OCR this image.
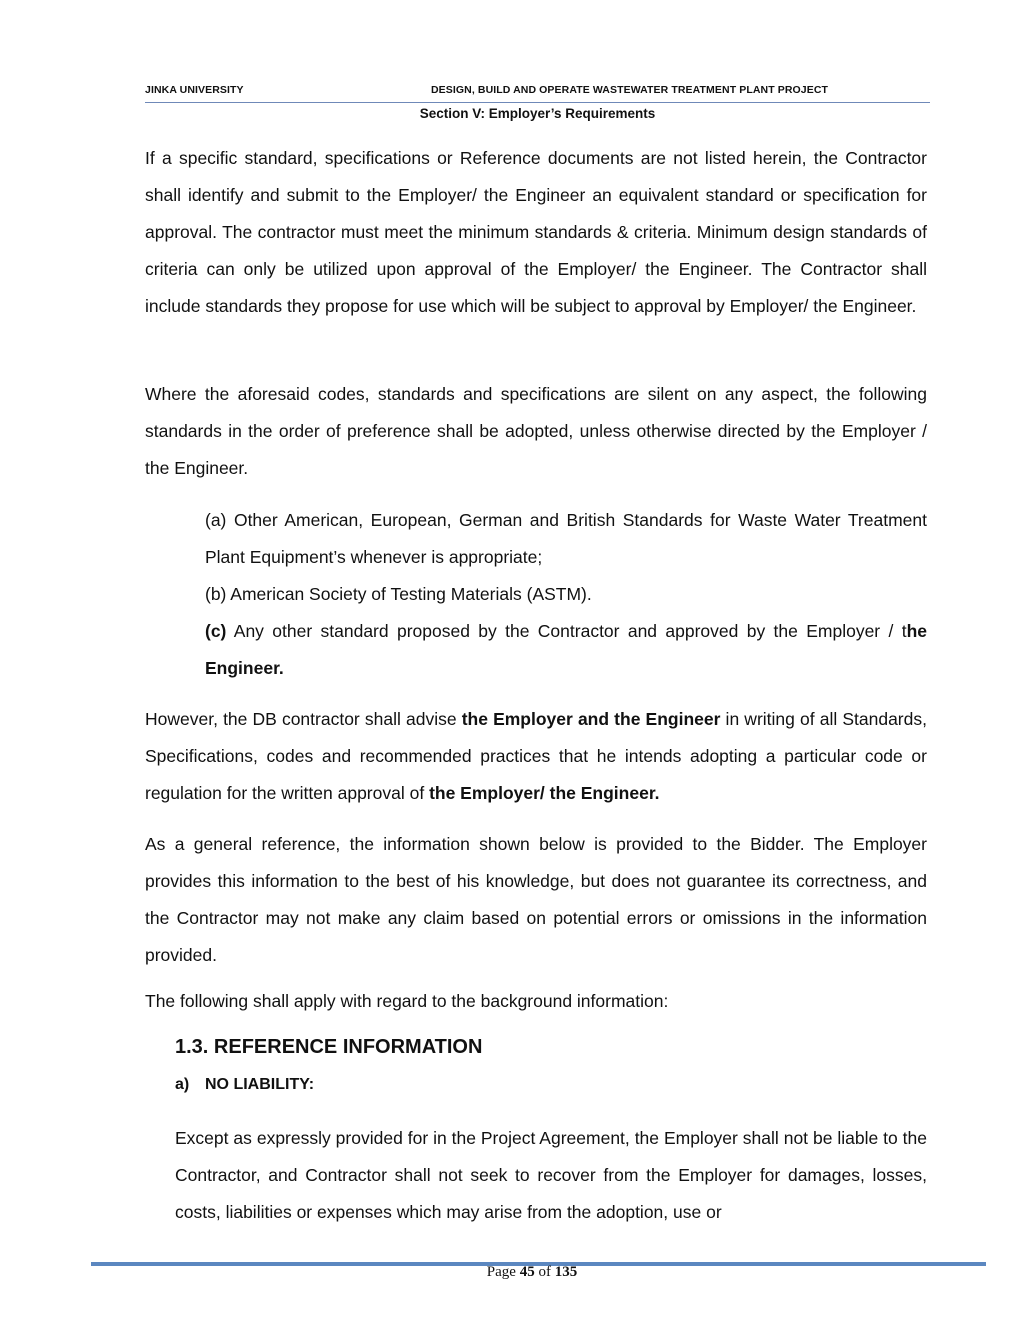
JINKA UNIVERSITY	DESIGN, BUILD AND OPERATE WASTEWATER TREATMENT PLANT PROJECT
Section V: Employer’s Requirements
If a specific standard, specifications or Reference documents are not listed herein, the Contractor shall identify and submit to the Employer/ the Engineer an equivalent standard or specification for approval. The contractor must meet the minimum standards & criteria. Minimum design standards of criteria can only be utilized upon approval of the Employer/ the Engineer. The Contractor shall include standards they propose for use which will be subject to approval by Employer/ the Engineer.
Where the aforesaid codes, standards and specifications are silent on any aspect, the following standards in the order of preference shall be adopted, unless otherwise directed by the Employer / the Engineer.
(a) Other American, European, German and British Standards for Waste Water Treatment Plant Equipment’s whenever is appropriate;
(b) American Society of Testing Materials (ASTM).
(c) Any other standard proposed by the Contractor and approved by the Employer / the Engineer.
However, the DB contractor shall advise the Employer and the Engineer in writing of all Standards, Specifications, codes and recommended practices that he intends adopting a particular code or regulation for the written approval of the Employer/ the Engineer.
As a general reference, the information shown below is provided to the Bidder. The Employer provides this information to the best of his knowledge, but does not guarantee its correctness, and the Contractor may not make any claim based on potential errors or omissions in the information provided.
The following shall apply with regard to the background information:
1.3. REFERENCE INFORMATION
a) NO LIABILITY:
Except as expressly provided for in the Project Agreement, the Employer shall not be liable to the Contractor, and Contractor shall not seek to recover from the Employer for damages, losses, costs, liabilities or expenses which may arise from the adoption, use or
Page 45 of 135
